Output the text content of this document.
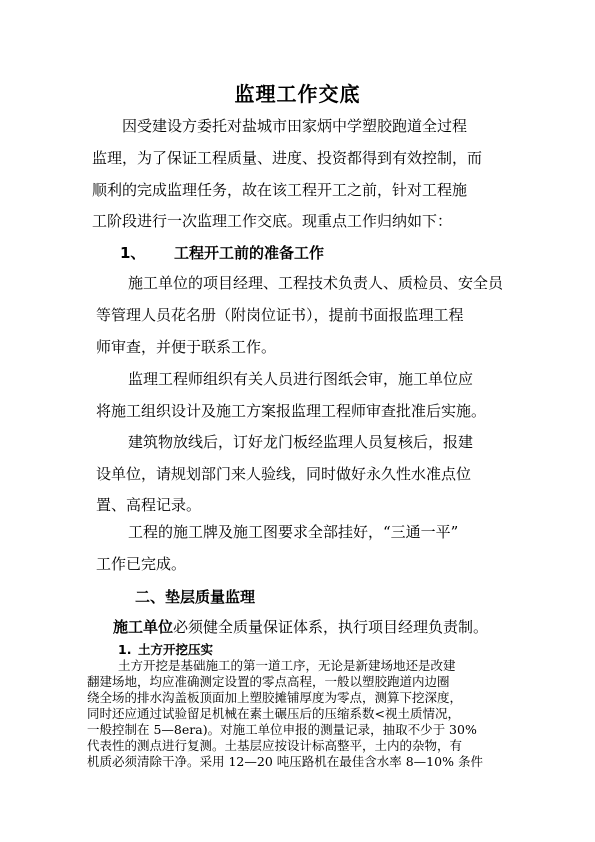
监理工作交底
因受建设方委托对盐城市田家炳中学塑胶跑道全过程
监理，为了保证工程质量、进度、投资都得到有效控制，而
顺利的完成监理任务，故在该工程开工之前，针对工程施
工阶段进行一次监理工作交底。现重点工作归纳如下：
1、 工程开工前的准备工作
施工单位的项目经理、工程技术负责人、质检员、安全员
等管理人员花名册（附岗位证书），提前书面报监理工程
师审查，并便于联系工作。
监理工程师组织有关人员进行图纸会审，施工单位应
将施工组织设计及施工方案报监理工程师审查批准后实施。
建筑物放线后，订好龙门板经监理人员复核后，报建
设单位，请规划部门来人验线，同时做好永久性水准点位
置、高程记录。
工程的施工牌及施工图要求全部挂好，“三通一平”
工作已完成。
二、垫层质量监理
施工单位必须健全质量保证体系，执行项目经理负责制。
1. 土方开挖压实
土方开挖是基础施工的第一道工序，无论是新建场地还是改建
翻建场地，均应准确测定设置的零点高程，一般以塑胶跑道内边圈
绕全场的排水沟盖板顶面加上塑胶摊铺厚度为零点，测算下挖深度，
同时还应通过试验留足机械在素土碾压后的压缩系数<视土质情况，
一般控制在 5—8era)。对施工单位申报的测量记录，抽取不少于 30%
代表性的测点进行复测。土基层应按设计标高整平，土内的杂物，有
机质必须清除干净。采用 12—20 吨压路机在最佳含水率 8—10% 条件
